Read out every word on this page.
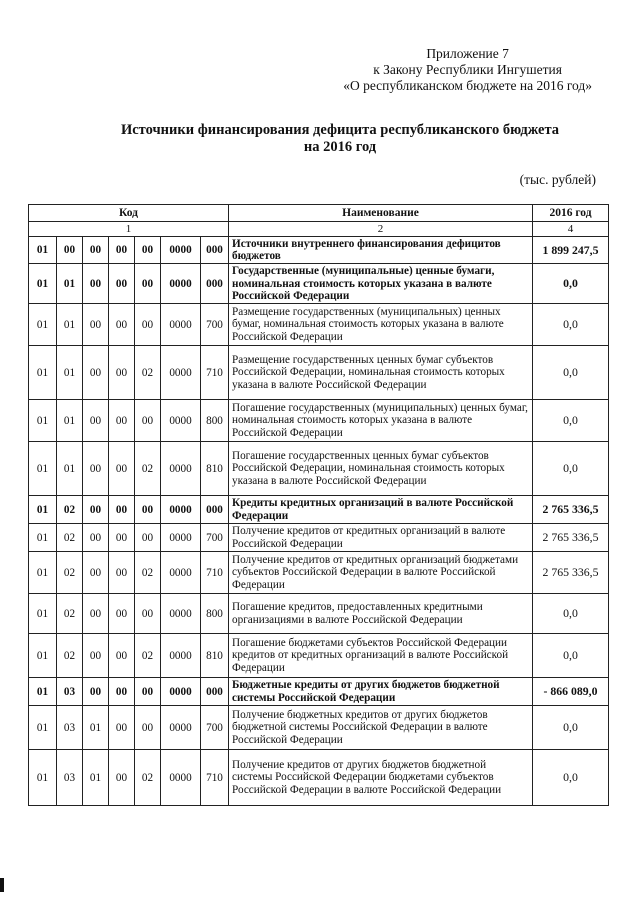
Приложение 7
к Закону Республики Ингушетия
«О республиканском бюджете на 2016 год»
Источники финансирования дефицита республиканского бюджета
на 2016 год
(тыс. рублей)
Код							Наименование	2016 год
1							2	4
01	00	00	00	00	0000	000	Источники внутреннего финансирования дефицитов бюджетов	1 899 247,5
01	01	00	00	00	0000	000	Государственные (муниципальные) ценные бумаги, номинальная стоимость которых указана в валюте Российской Федерации	0,0
01	01	00	00	00	0000	700	Размещение государственных (муниципальных) ценных бумаг, номинальная стоимость которых указана в валюте Российской Федерации	0,0
01	01	00	00	02	0000	710	Размещение государственных ценных бумаг субъектов Российской Федерации, номинальная стоимость которых указана в валюте Российской Федерации	0,0
01	01	00	00	00	0000	800	Погашение государственных (муниципальных) ценных бумаг, номинальная стоимость которых указана в валюте Российской Федерации	0,0
01	01	00	00	02	0000	810	Погашение государственных ценных бумаг субъектов Российской Федерации, номинальная стоимость которых указана в валюте Российской Федерации	0,0
01	02	00	00	00	0000	000	Кредиты кредитных организаций в валюте Российской Федерации	2 765 336,5
01	02	00	00	00	0000	700	Получение кредитов от кредитных организаций в валюте Российской Федерации	2 765 336,5
01	02	00	00	02	0000	710	Получение кредитов от кредитных организаций бюджетами субъектов Российской Федерации в валюте Российской Федерации	2 765 336,5
01	02	00	00	00	0000	800	Погашение кредитов, предоставленных кредитными организациями в валюте Российской Федерации	0,0
01	02	00	00	02	0000	810	Погашение бюджетами субъектов Российской Федерации кредитов от кредитных организаций в валюте Российской Федерации	0,0
01	03	00	00	00	0000	000	Бюджетные кредиты от других бюджетов бюджетной системы Российской Федерации	- 866 089,0
01	03	01	00	00	0000	700	Получение бюджетных кредитов от других бюджетов бюджетной системы Российской Федерации в валюте Российской Федерации	0,0
01	03	01	00	02	0000	710	Получение кредитов от других бюджетов бюджетной системы Российской Федерации бюджетами субъектов Российской Федерации в валюте Российской Федерации	0,0
